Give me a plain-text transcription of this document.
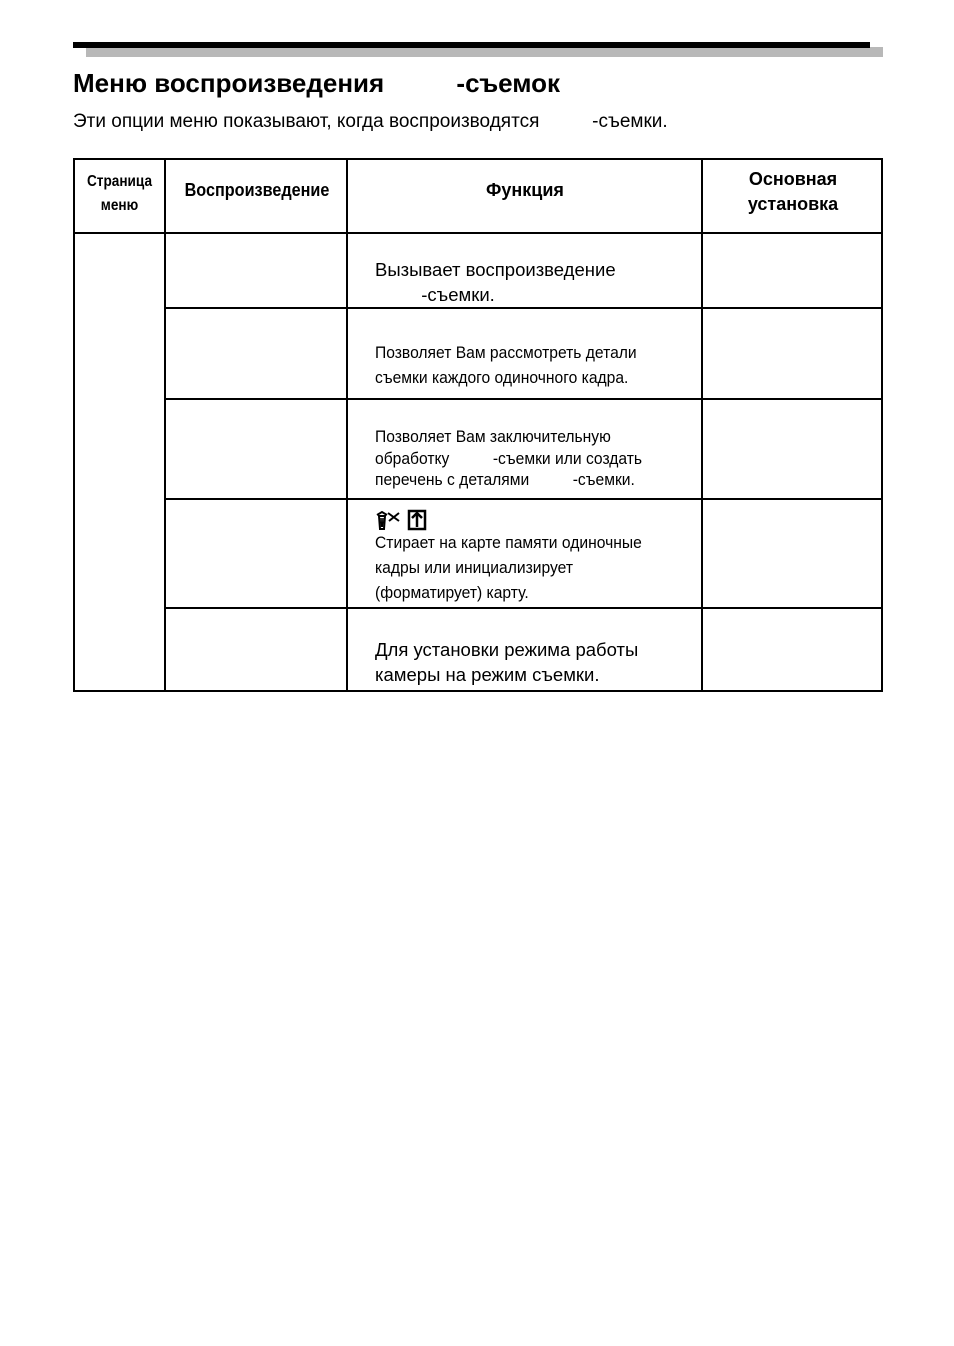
Меню воспроизведения          -съемок
Эти опции меню показывают, когда воспроизводятся          -съемки.
Страница
меню
Воспроизведение	Функция
Основная
установка
Вызывает воспроизведение
-съемки.
Позволяет Вам рассмотреть детали
съемки каждого одиночного кадра.
Позволяет Вам заключительную
обработку          -съемки или создать
перечень с деталями          -съемки.
Стирает на карте памяти одиночные
кадры или инициализирует
(форматирует) карту.
Для установки режима работы
камеры на режим съемки.
